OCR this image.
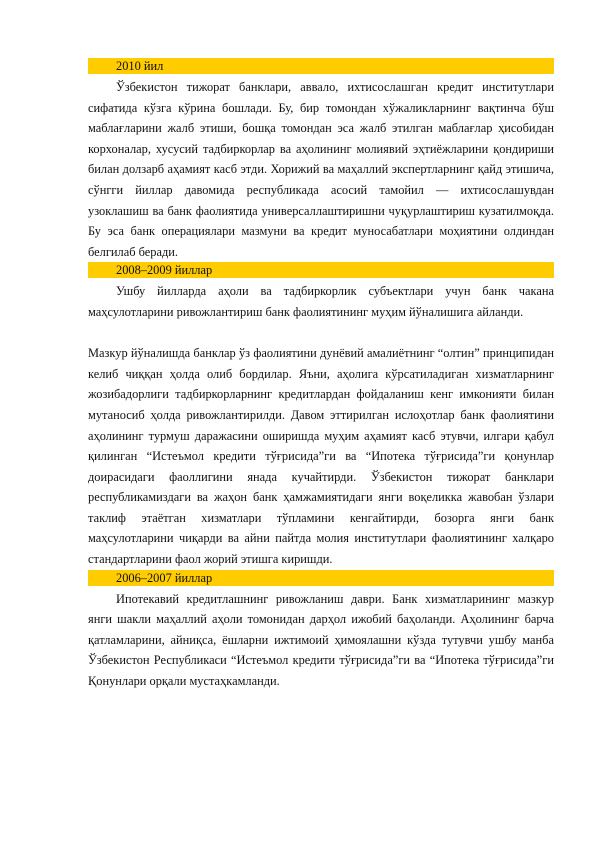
2010 йил

Ўзбекистон тижорат банклари, аввало, ихтисослашган кредит институтлари сифатида кўзга кўрина бошлади. Бу, бир томондан хўжаликларнинг вақтинча бўш маблағларини жалб этиши, бошқа томондан эса жалб этилган маблағлар ҳисобидан корхоналар, хусусий тадбиркорлар ва аҳолининг молиявий эҳтиёжларини қондириши билан долзарб аҳамият касб этди. Хорижий ва маҳаллий экспертларнинг қайд этишича, сўнгги йиллар давомида республикада асосий тамойил — ихтисослашувдан узоклашиш ва банк фаолиятида универсаллаштиришни чуқурлаштириш кузатилмоқда. Бу эса банк операциялари мазмуни ва кредит муносабатлари моҳиятини олдиндан белгилаб беради.

2008–2009 йиллар

Ушбу йилларда аҳоли ва тадбиркорлик субъектлари учун банк чакана маҳсулотларини ривожлантириш банк фаолиятининг муҳим йўналишига айланди.

Мазкур йўналишда банклар ўз фаолиятини дунёвий амалиётнинг “олтин” принципидан келиб чиққан ҳолда олиб бордилар. Яъни, аҳолига кўрсатиладиган хизматларнинг жозибадорлиги тадбиркорларнинг кредитлардан фойдаланиш кенг имконияти билан мутаносиб ҳолда ривожлантирилди. Давом эттирилган ислоҳотлар банк фаолиятини аҳолининг турмуш даражасини оширишда муҳим аҳамият касб этувчи, илгари қабул қилинган “Истеъмол кредити тўғрисида”ги ва “Ипотека тўғрисида”ги қонунлар доирасидаги фаоллигини янада кучайтирди. Ўзбекистон тижорат банклари республикамиздаги ва жаҳон банк ҳамжамиятидаги янги воқеликка жавобан ўзлари таклиф этаётган хизматлари тўпламини кенгайтирди, бозорга янги банк маҳсулотларини чиқарди ва айни пайтда молия институтлари фаолиятининг халқаро стандартларини фаол жорий этишга киришди.

2006–2007 йиллар

Ипотекавий кредитлашнинг ривожланиш даври. Банк хизматларининг мазкур янги шакли маҳаллий аҳоли томонидан дарҳол ижобий баҳоланди. Аҳолининг барча қатламларини, айниқса, ёшларни ижтимоий ҳимоялашни кўзда тутувчи ушбу манба Ўзбекистон Республикаси “Истеъмол кредити тўғрисида”ги ва “Ипотека тўғрисида”ги Қонунлари орқали мустаҳкамланди.
